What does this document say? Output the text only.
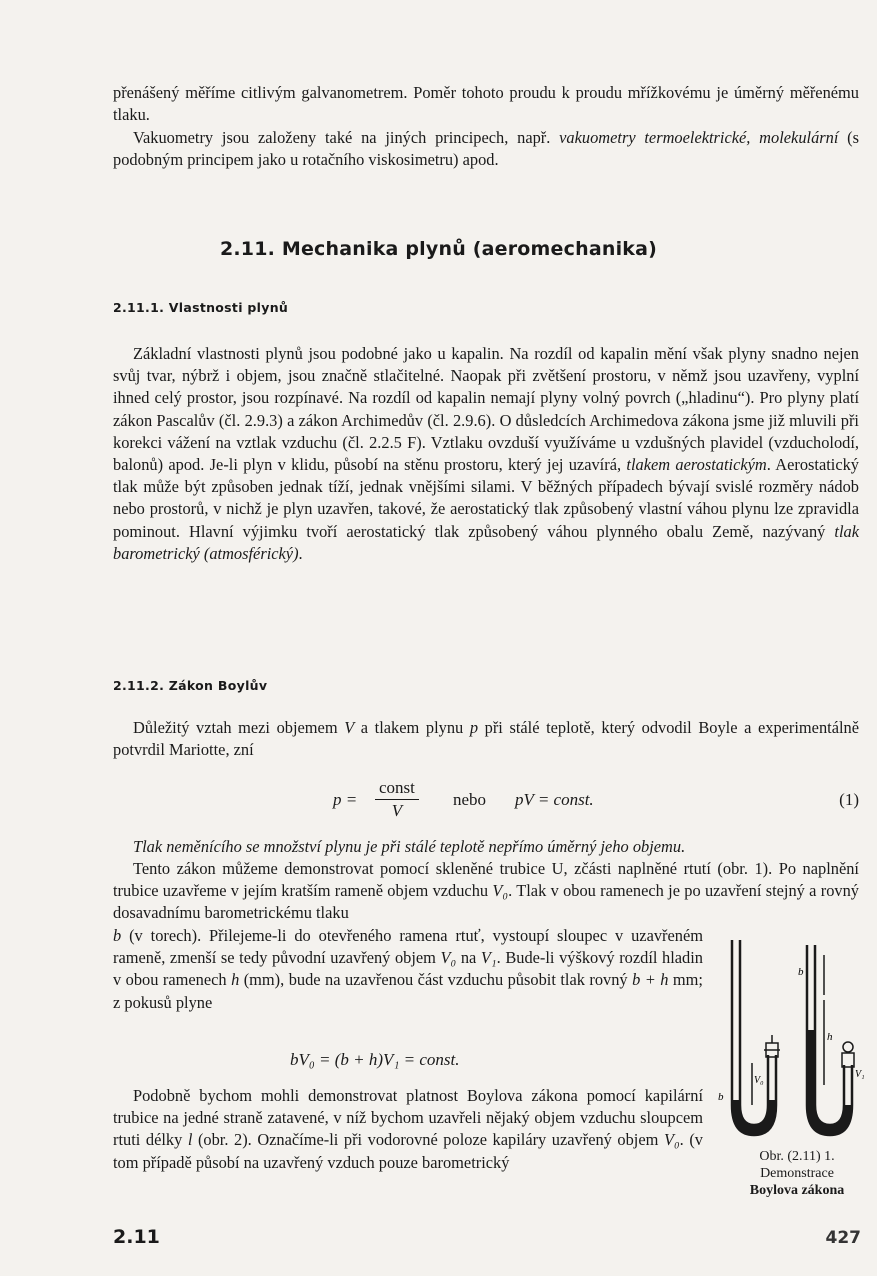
přenášený měříme citlivým galvanometrem. Poměr tohoto proudu k proudu mřížkovému je úměrný měřenému tlaku.

Vakuometry jsou založeny také na jiných principech, např. vakuometry termoelektrické, molekulární (s podobným principem jako u rotačního viskosimetru) apod.

2.11. Mechanika plynů (aeromechanika)
2.11.1. Vlastnosti plynů

Základní vlastnosti plynů jsou podobné jako u kapalin. Na rozdíl od kapalin mění však plyny snadno nejen svůj tvar, nýbrž i objem, jsou značně stlačitelné. Naopak při zvětšení prostoru, v němž jsou uzavřeny, vyplní ihned celý prostor, jsou rozpínavé. Na rozdíl od kapalin nemají plyny volný povrch („hladinu“). Pro plyny platí zákon Pascalův (čl. 2.9.3) a zákon Archimedův (čl. 2.9.6). O důsledcích Archimedova zákona jsme již mluvili při korekci vážení na vztlak vzduchu (čl. 2.2.5 F). Vztlaku ovzduší využíváme u vzdušných plavidel (vzducholodí, balonů) apod. Je-li plyn v klidu, působí na stěnu prostoru, který jej uzavírá, tlakem aerostatickým. Aerostatický tlak může být způsoben jednak tíží, jednak vnějšími silami. V běžných případech bývají svislé rozměry nádob nebo prostorů, v nichž je plyn uzavřen, takové, že aerostatický tlak způsobený vlastní váhou plynu lze zpravidla pominout. Hlavní výjimku tvoří aerostatický tlak způsobený váhou plynného obalu Země, nazývaný tlak barometrický (atmosférický).

2.11.2. Zákon Boylův

Důležitý vztah mezi objemem V a tlakem plynu p při stálé teplotě, který odvodil Boyle a experimentálně potvrdil Mariotte, zní

p =
const
V
nebo pV = const.	(1)

Tlak neměnícího se množství plynu je při stálé teplotě nepřímo úměrný jeho objemu.

Tento zákon můžeme demonstrovat pomocí skleněné trubice U, zčásti naplněné rtutí (obr. 1). Po naplnění trubice uzavřeme v jejím kratším rameně objem vzduchu V₀. Tlak v obou ramenech je po uzavření stejný a rovný dosavadnímu barometrickému tlaku

b (v torech). Přilejeme-li do otevřeného ramena rtuť, vystoupí sloupec v uzavřeném rameně, zmenší se tedy původní uzavřený objem V₀ na V₁. Bude-li výškový rozdíl hladin v obou ramenech h (mm), bude na uzavřenou část vzduchu působit tlak rovný b + h mm; z pokusů plyne

bV₀ = (b + h)V₁ = const.

Podobně bychom mohli demonstrovat platnost Boylova zákona pomocí kapilární trubice na jedné straně zatavené, v níž bychom uzavřeli nějaký objem vzduchu sloupcem rtuti délky l (obr. 2). Označíme-li při vodorovné poloze kapiláry uzavřený objem V₀. (v tom případě působí na uzavřený vzduch pouze barometrický

b
b
h
V₀
V₁
Obr. (2.11) 1.
Demonstrace
Boylova zákona
2.11	427
